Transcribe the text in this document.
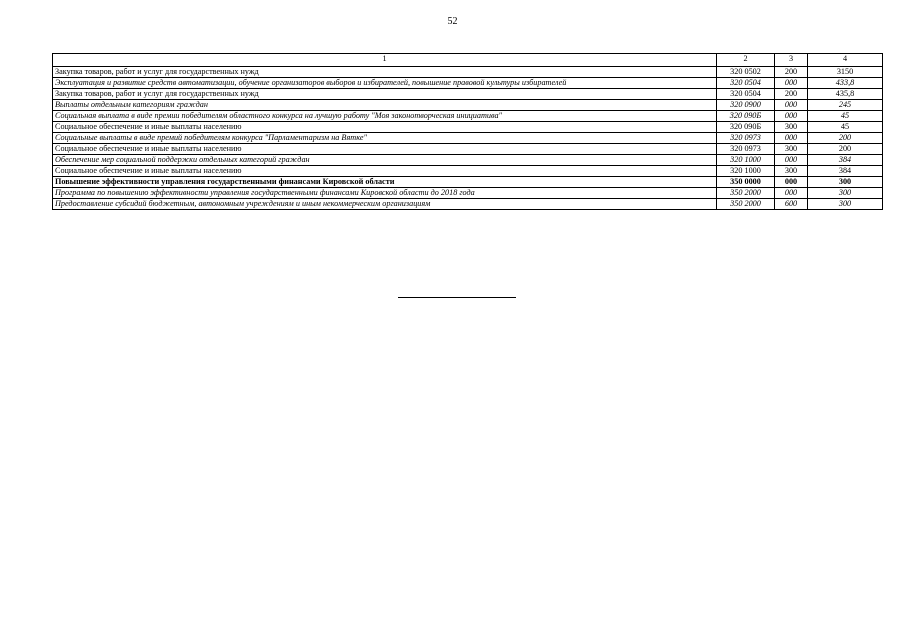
52
1	2	3	4
Закупка товаров, работ и услуг для государственных нужд	320 0502	200	3150
Эксплуатация и развитие средств автоматизации, обучение организаторов выборов и избирателей, повышение правовой культуры избирателей	320 0504	000	433,8
Закупка товаров, работ и услуг для государственных нужд	320 0504	200	435,8
Выплаты отдельным категориям граждан	320 0900	000	245
Социальная выплата в виде премии победителям областного конкурса на лучшую работу "Моя законотворческая инициатива"	320 090Б	000	45
Социальное обеспечение и иные выплаты населению	320 090Б	300	45
Социальные выплаты в виде премий победителям конкурса "Парламентаризм на Вятке"	320 0973	000	200
Социальное обеспечение и иные выплаты населению	320 0973	300	200
Обеспечение мер социальной поддержки отдельных категорий граждан	320 1000	000	384
Социальное обеспечение и иные выплаты населению	320 1000	300	384
Повышение эффективности управления государственными финансами Кировской области	350 0000	000	300
Программа по повышению эффективности управления государственными финансами Кировской области до 2018 года	350 2000	000	300
Предоставление субсидий бюджетным, автономным учреждениям и иным некоммерческим организациям	350 2000	600	300
